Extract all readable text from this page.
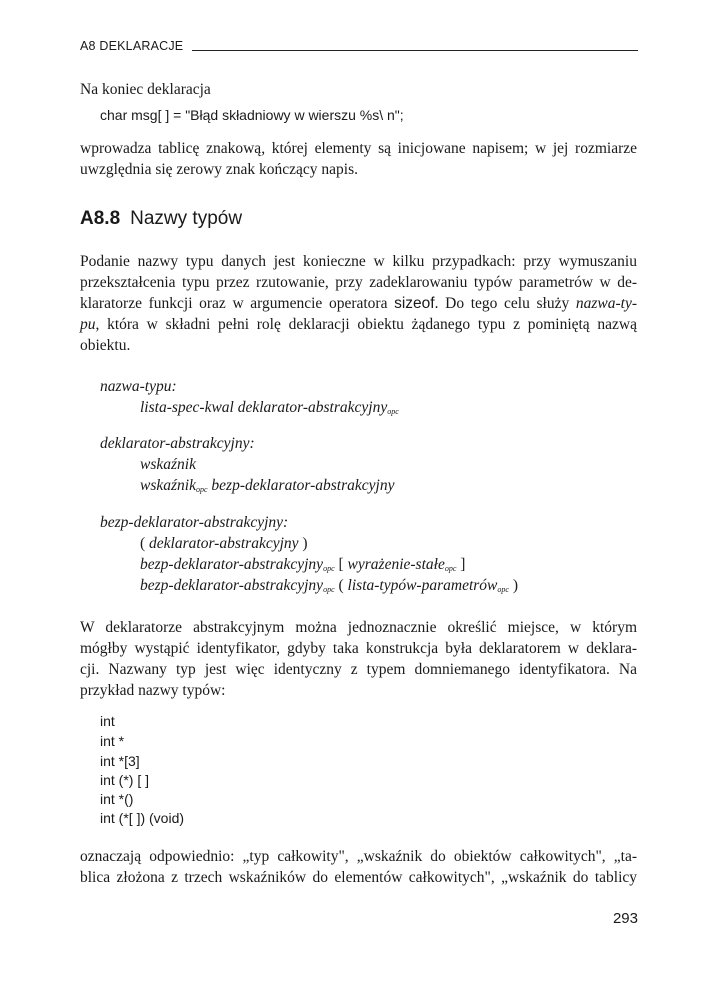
A8 DEKLARACJE
Na koniec deklaracja
char msg[ ] = "Błąd składniowy w wierszu %s\ n";

wprowadza tablicę znakową, której elementy są inicjowane napisem; w jej rozmiarze
uwzględnia się zerowy znak kończący napis.

A8.8 Nazwy typów

Podanie nazwy typu danych jest konieczne w kilku przypadkach: przy wymuszaniu
przekształcenia typu przez rzutowanie, przy zadeklarowaniu typów parametrów w de-
klaratorze funkcji oraz w argumencie operatora sizeof. Do tego celu służy nazwa-ty-
pu, która w składni pełni rolę deklaracji obiektu żądanego typu z pominiętą nazwą
obiektu.

nazwa-typu:
lista-spec-kwal deklarator-abstrakcyjny$_{opc}$
deklarator-abstrakcyjny:
wskaźnik
wskaźnik$_{opc}$ bezp-deklarator-abstrakcyjny
bezp-deklarator-abstrakcyjny:
( deklarator-abstrakcyjny )
bezp-deklarator-abstrakcyjny$_{opc}$ [ wyrażenie-stałe$_{opc}$ ]
bezp-deklarator-abstrakcyjny$_{opc}$ ( lista-typów-parametrów$_{opc}$ )

W deklaratorze abstrakcyjnym można jednoznacznie określić miejsce, w którym
mógłby wystąpić identyfikator, gdyby taka konstrukcja była deklaratorem w deklara-
cji. Nazwany typ jest więc identyczny z typem domniemanego identyfikatora. Na
przykład nazwy typów:

int
int *
int *[3]
int (*) [ ]
int *()
int (*[ ]) (void)

oznaczają odpowiednio: „typ całkowity", „wskaźnik do obiektów całkowitych", „ta-
blica złożona z trzech wskaźników do elementów całkowitych", „wskaźnik do tablicy

293
